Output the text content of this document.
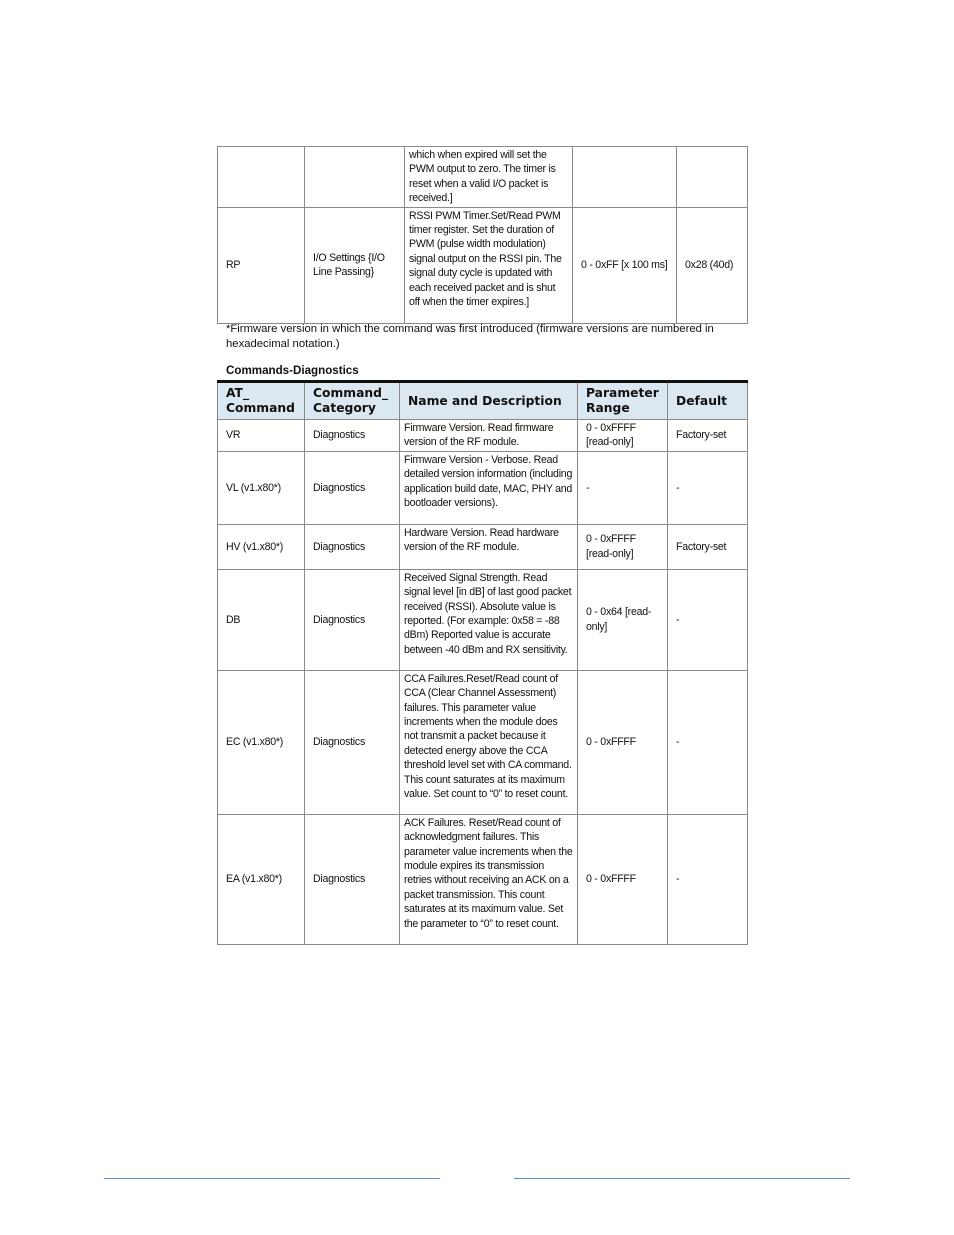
		which when expired will set the PWM output to zero. The timer is reset when a valid I/O packet is received.]		
RP	I/O Settings {I/O Line Passing}	RSSI PWM Timer.Set/Read PWM timer register. Set the duration of PWM (pulse width modulation) signal output on the RSSI pin. The signal duty cycle is updated with each received packet and is shut off when the timer expires.]	0 - 0xFF [x 100 ms]	0x28 (40d)
*Firmware version in which the command was first introduced (firmware versions are numbered in hexadecimal notation.)
Commands-Diagnostics
AT_ Command	Command_ Category	Name and Description	Parameter Range	Default
VR	Diagnostics	Firmware Version. Read firmware version of the RF module.	0 - 0xFFFF [read-only]	Factory-set
VL (v1.x80*)	Diagnostics	Firmware Version - Verbose. Read detailed version information (including application build date, MAC, PHY and bootloader versions).	-	-
HV (v1.x80*)	Diagnostics	Hardware Version. Read hardware version of the RF module.	0 - 0xFFFF [read-only]	Factory-set
DB	Diagnostics	Received Signal Strength. Read signal level [in dB] of last good packet received (RSSI). Absolute value is reported. (For example: 0x58 = -88 dBm) Reported value is accurate between -40 dBm and RX sensitivity.	0 - 0x64 [read-only]	-
EC (v1.x80*)	Diagnostics	CCA Failures.Reset/Read count of CCA (Clear Channel Assessment) failures. This parameter value increments when the module does not transmit a packet because it detected energy above the CCA threshold level set with CA command. This count saturates at its maximum value. Set count to “0” to reset count.	0 - 0xFFFF	-
EA (v1.x80*)	Diagnostics	ACK Failures. Reset/Read count of acknowledgment failures. This parameter value increments when the module expires its transmission retries without receiving an ACK on a packet transmission. This count saturates at its maximum value. Set the parameter to “0” to reset count.	0 - 0xFFFF	-
